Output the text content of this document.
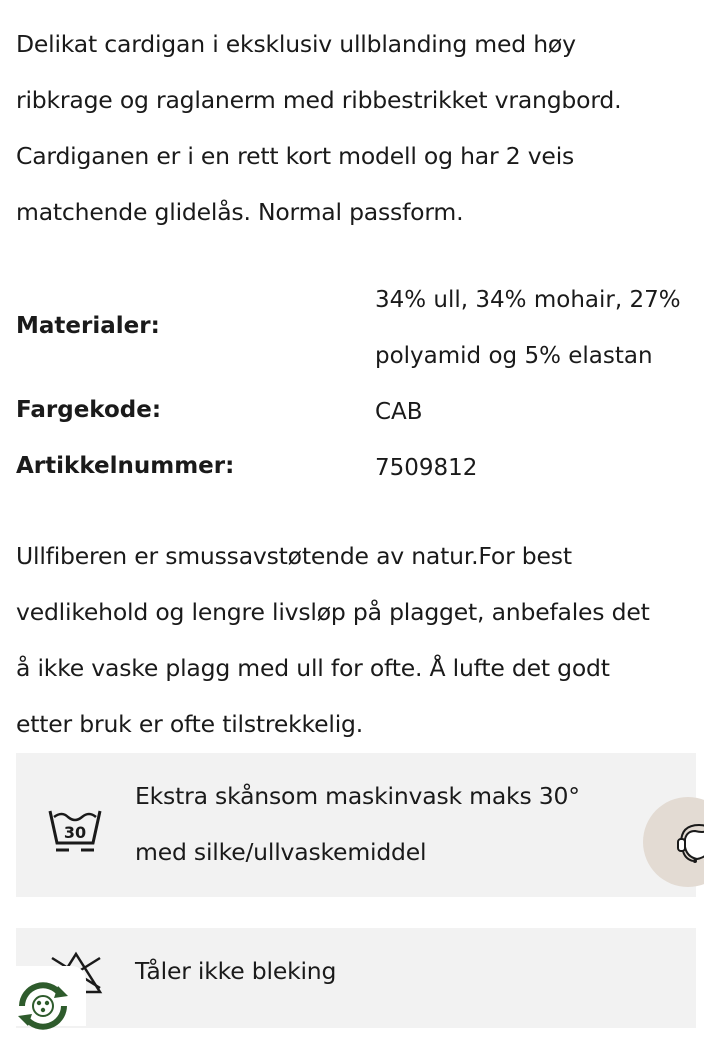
Delikat cardigan i eksklusiv ullblanding med høy
ribkrage og raglanerm med ribbestrikket vrangbord.
Cardiganen er i en rett kort modell og har 2 veis
matchende glidelås. Normal passform.
Materialer:
34% ull, 34% mohair, 27%
polyamid og 5% elastan
Fargekode:	CAB
Artikkelnummer:	7509812
Ullfiberen er smussavstøtende av natur.For best
vedlikehold og lengre livsløp på plagget, anbefales det
å ikke vaske plagg med ull for ofte. Å lufte det godt
etter bruk er ofte tilstrekkelig.
30
Ekstra skånsom maskinvask maks 30°
med silke/ullvaskemiddel
Tåler ikke bleking
